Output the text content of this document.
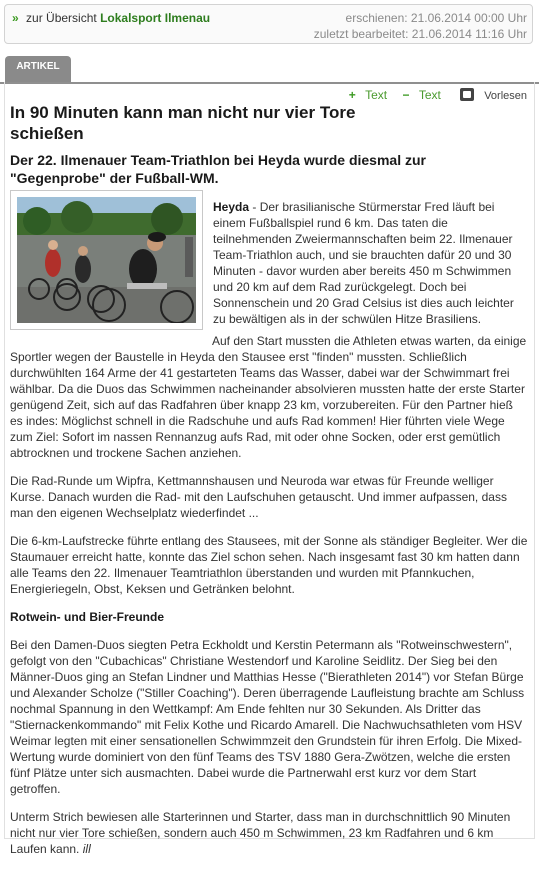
» zur Übersicht Lokalsport Ilmenau	erschienen: 21.06.2014 00:00 Uhr
zuletzt bearbeitet: 21.06.2014 11:16 Uhr
ARTIKEL
+ Text − Text	Vorlesen
In 90 Minuten kann man nicht nur vier Tore schießen
Der 22. Ilmenauer Team-Triathlon bei Heyda wurde diesmal zur "Gegenprobe" der Fußball-WM.
Heyda - Der brasilianische Stürmerstar Fred läuft bei einem Fußballspiel rund 6 km. Das taten die teilnehmenden Zweiermannschaften beim 22. Ilmenauer Team-Triathlon auch, und sie brauchten dafür 20 und 30 Minuten - davor wurden aber bereits 450 m Schwimmen und 20 km auf dem Rad zurückgelegt. Doch bei Sonnenschein und 20 Grad Celsius ist dies auch leichter zu bewältigen als in der schwülen Hitze Brasiliens.

Auf den Start mussten die Athleten etwas warten, da einige Sportler wegen der Baustelle in Heyda den Stausee erst "finden" mussten. Schließlich durchwühlten 164 Arme der 41 gestarteten Teams das Wasser, dabei war der Schwimmart frei wählbar. Da die Duos das Schwimmen nacheinander absolvieren mussten hatte der erste Starter genügend Zeit, sich auf das Radfahren über knapp 23 km, vorzubereiten. Für den Partner hieß es indes: Möglichst schnell in die Radschuhe und aufs Rad kommen! Hier führten viele Wege zum Ziel: Sofort im nassen Rennanzug aufs Rad, mit oder ohne Socken, oder erst gemütlich abtrocknen und trockene Sachen anziehen.

Die Rad-Runde um Wipfra, Kettmannshausen und Neuroda war etwas für Freunde welliger Kurse. Danach wurden die Rad- mit den Laufschuhen getauscht. Und immer aufpassen, dass man den eigenen Wechselplatz wiederfindet ...

Die 6-km-Laufstrecke führte entlang des Stausees, mit der Sonne als ständiger Begleiter. Wer die Staumauer erreicht hatte, konnte das Ziel schon sehen. Nach insgesamt fast 30 km hatten dann alle Teams den 22. Ilmenauer Teamtriathlon überstanden und wurden mit Pfannkuchen, Energieriegeln, Obst, Keksen und Getränken belohnt.

Rotwein- und Bier-Freunde

Bei den Damen-Duos siegten Petra Eckholdt und Kerstin Petermann als "Rotweinschwestern", gefolgt von den "Cubachicas" Christiane Westendorf und Karoline Seidlitz. Der Sieg bei den Männer-Duos ging an Stefan Lindner und Matthias Hesse ("Bierathleten 2014") vor Stefan Bürge und Alexander Scholze ("Stiller Coaching"). Deren überragende Laufleistung brachte am Schluss nochmal Spannung in den Wettkampf: Am Ende fehlten nur 30 Sekunden. Als Dritter das "Stiernackenkommando" mit Felix Kothe und Ricardo Amarell. Die Nachwuchsathleten vom HSV Weimar legten mit einer sensationellen Schwimmzeit den Grundstein für ihren Erfolg. Die Mixed-Wertung wurde dominiert von den fünf Teams des TSV 1880 Gera-Zwötzen, welche die ersten fünf Plätze unter sich ausmachten. Dabei wurde die Partnerwahl erst kurz vor dem Start getroffen.

Unterm Strich bewiesen alle Starterinnen und Starter, dass man in durchschnittlich 90 Minuten nicht nur vier Tore schießen, sondern auch 450 m Schwimmen, 23 km Radfahren und 6 km Laufen kann. ill
